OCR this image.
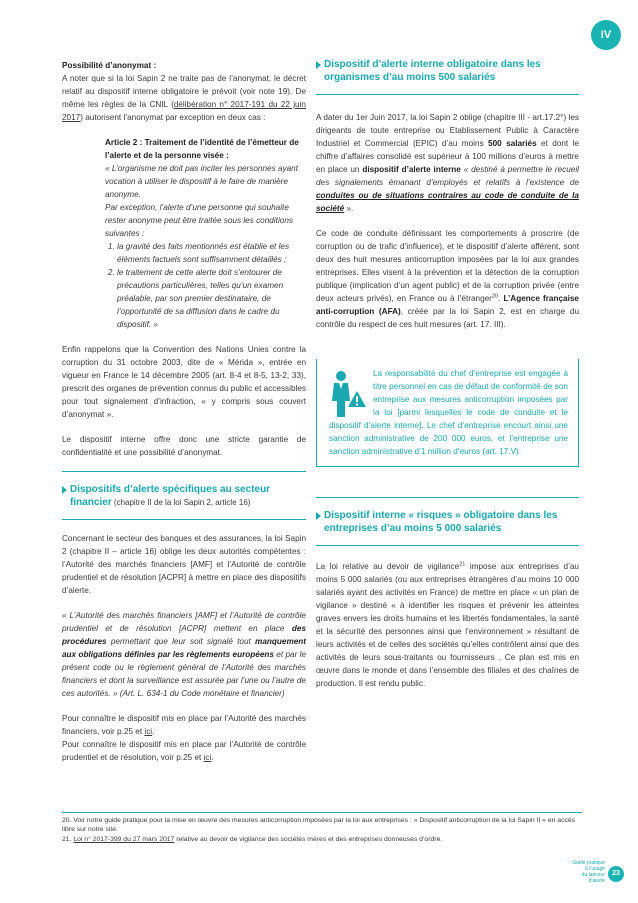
IV

Possibilité d’anonymat :
A noter que si la loi Sapin 2 ne traite pas de l’anonymat, le décret relatif au dispositif interne obligatoire le prévoit (voir note 19). De même les règles de la CNIL (délibération n° 2017-191 du 22 juin 2017) autorisent l’anonymat par exception en deux cas :

Article 2 : Traitement de l’identité de l’émetteur de l’alerte et de la personne visée :
« L’organisme ne doit pas inciter les personnes ayant vocation à utiliser le dispositif à le faire de manière anonyme.
Par exception, l’alerte d’une personne qui souhaite rester anonyme peut être traitée sous les conditions suivantes :
1. la gravité des faits mentionnés est établie et les éléments factuels sont suffisamment détaillés ;
2. le traitement de cette alerte doit s’entourer de précautions particulières, telles qu’un examen préalable, par son premier destinataire, de l’opportunité de sa diffusion dans le cadre du dispositif. »

Enfin rappelons que la Convention des Nations Unies contre la corruption du 31 octobre 2003, dite de « Mérida », entrée en vigueur en France le 14 décembre 2005 (art. 8-4 et 8-5, 13-2, 33), prescrit des organes de prévention connus du public et accessibles pour tout signalement d’infraction, « y compris sous couvert d’anonymat ».

Le dispositif interne offre donc une stricte garantie de confidentialité et une possibilité d’anonymat.

Dispositifs d’alerte spécifiques au secteur financier (chapitre II de la loi Sapin 2, article 16)

Concernant le secteur des banques et des assurances, la loi Sapin 2 (chapitre II – article 16) oblige les deux autorités compétentes : l’Autorité des marchés financiers [AMF] et l’Autorité de contrôle prudentiel et de résolution [ACPR] à mettre en place des dispositifs d’alerte.

« L’Autorité des marchés financiers [AMF] et l’Autorité de contrôle prudentiel et de résolution [ACPR] mettent en place des procédures permettant que leur soit signalé tout manquement aux obligations définies par les règlements européens et par le présent code ou le règlement général de l’Autorité des marchés financiers et dont la surveillance est assurée par l’une ou l’autre de ces autorités. » (Art. L. 634-1 du Code monétaire et financier)

Pour connaître le dispositif mis en place par l’Autorité des marchés financiers, voir p.25 et ici.
Pour connaître le dispositif mis en place par l’Autorité de contrôle prudentiel et de résolution, voir p.25 et ici.

Dispositif d’alerte interne obligatoire dans les organismes d’au moins 500 salariés

A dater du 1er Juin 2017, la loi Sapin 2 oblige (chapitre III - art.17.2°) les dirigeants de toute entreprise ou Etablissement Public à Caractère Industriel et Commercial (EPIC) d’au moins 500 salariés et dont le chiffre d’affaires consolidé est supérieur à 100 millions d’euros à mettre en place un dispositif d’alerte interne « destiné à permettre le recueil des signalements émanant d’employés et relatifs à l’existence de conduites ou de situations contraires au code de conduite de la société ».

Ce code de conduite définissant les comportements à proscrire (de corruption ou de trafic d’influence), et le dispositif d’alerte afférent, sont deux des huit mesures anticorruption imposées par la loi aux grandes entreprises. Elles visent à la prévention et la détection de la corruption publique (implication d’un agent public) et de la corruption privée (entre deux acteurs privés), en France ou à l’étranger$^{20}$. L’Agence française anti-corruption (AFA), créée par la loi Sapin 2, est en charge du contrôle du respect de ces huit mesures (art. 17. III).

La responsabilité du chef d’entreprise est engagée à titre personnel en cas de défaut de conformité de son entreprise aux mesures anticorruption imposées par la loi [parmi lesquelles le code de conduite et le dispositif d’alerte interne]. Le chef d’entreprise encourt ainsi une sanction administrative de 200 000 euros, et l’entreprise une sanction administrative d’1 million d’euros (art. 17.V).
Dispositif interne « risques » obligatoire dans les entreprises d’au moins 5 000 salariés

La loi relative au devoir de vigilance$^{21}$ impose aux entreprises d’au moins 5 000 salariés (ou aux entreprises étrangères d’au moins 10 000 salariés ayant des activités en France) de mettre en place « un plan de vigilance » destiné « à identifier les risques et prévenir les atteintes graves envers les droits humains et les libertés fondamentales, la santé et la sécurité des personnes ainsi que l’environnement » résultant de leurs activités et de celles des sociétés qu’elles contrôlent ainsi que des activités de leurs sous-traitants ou fournisseurs . Ce plan est mis en œuvre dans le monde et dans l’ensemble des filiales et des chaînes de production. Il est rendu public.

20. Voir notre guide pratique pour la mise en œuvre des mesures anticorruption imposées par la loi aux entreprises : « Dispositif anticorruption de la loi Sapin II » en accès libre sur notre site.
21. Loi n° 2017-399 du 27 mars 2017 relative au devoir de vigilance des sociétés mères et des entreprises donneuses d’ordre.
Guide pratique
à l’usage
du lanceur
d’alerte
23
